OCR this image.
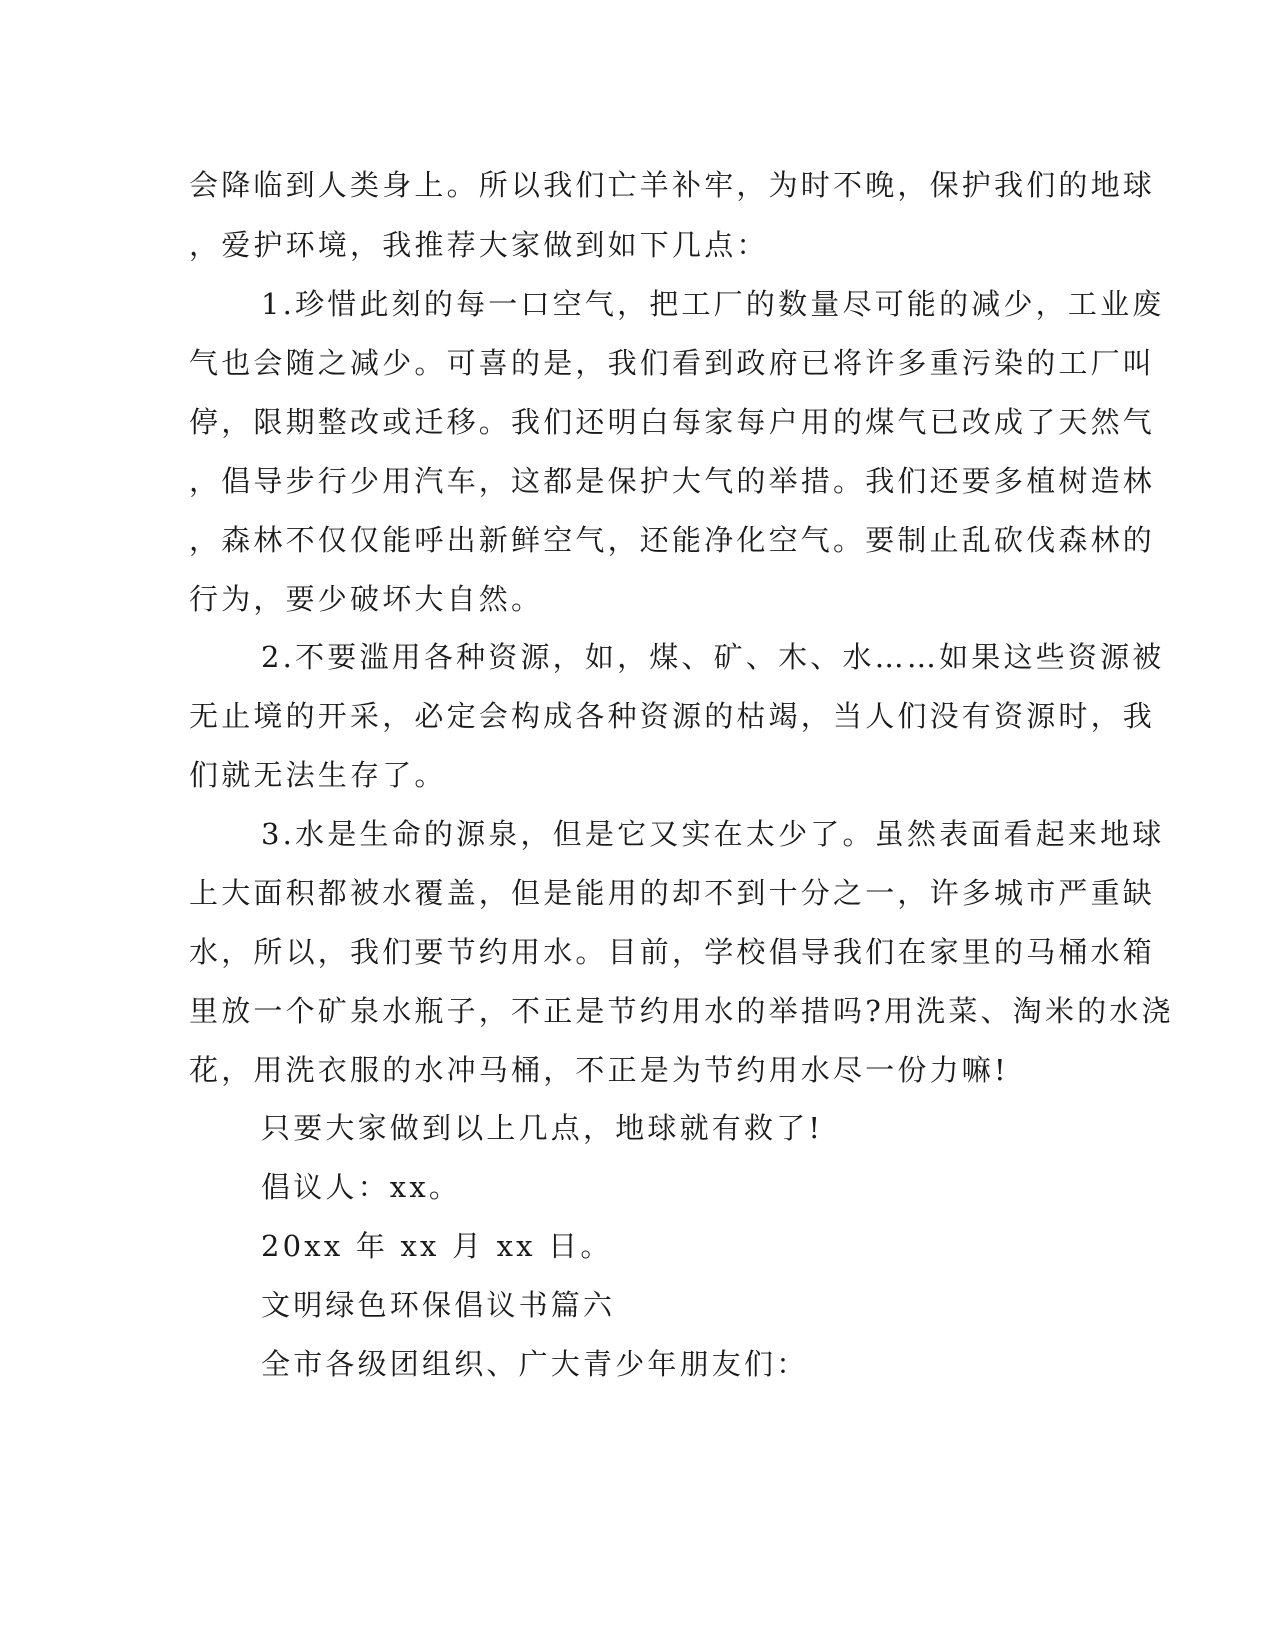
会降临到人类身上。所以我们亡羊补牢，为时不晚，保护我们的地球
，爱护环境，我推荐大家做到如下几点：
1.珍惜此刻的每一口空气，把工厂的数量尽可能的减少，工业废
气也会随之减少。可喜的是，我们看到政府已将许多重污染的工厂叫
停，限期整改或迁移。我们还明白每家每户用的煤气已改成了天然气
，倡导步行少用汽车，这都是保护大气的举措。我们还要多植树造林
，森林不仅仅能呼出新鲜空气，还能净化空气。要制止乱砍伐森林的
行为，要少破坏大自然。
2.不要滥用各种资源，如，煤、矿、木、水……如果这些资源被
无止境的开采，必定会构成各种资源的枯竭，当人们没有资源时，我
们就无法生存了。
3.水是生命的源泉，但是它又实在太少了。虽然表面看起来地球
上大面积都被水覆盖，但是能用的却不到十分之一，许多城市严重缺
水，所以，我们要节约用水。目前，学校倡导我们在家里的马桶水箱
里放一个矿泉水瓶子，不正是节约用水的举措吗?用洗菜、淘米的水浇
花，用洗衣服的水冲马桶，不正是为节约用水尽一份力嘛!
只要大家做到以上几点，地球就有救了!
倡议人：xx。
20xx 年 xx 月 xx 日。
文明绿色环保倡议书篇六
全市各级团组织、广大青少年朋友们：
